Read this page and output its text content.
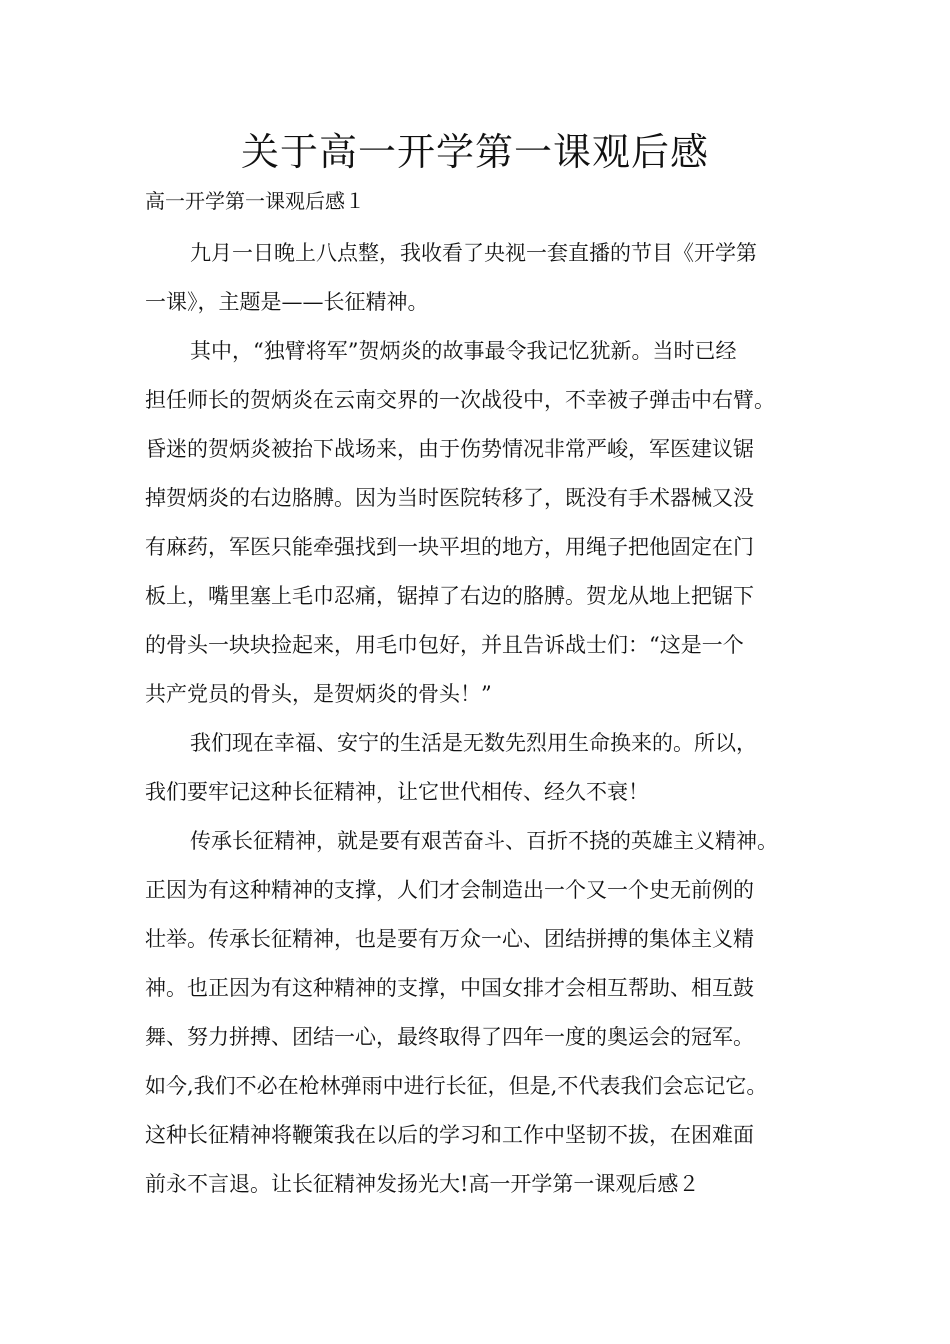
关于高一开学第一课观后感

高一开学第一课观后感１

九月一日晚上八点整，我收看了央视一套直播的节目《开学第
一课》，主题是——长征精神。

其中，“独臂将军”贺炳炎的故事最令我记忆犹新。当时已经
担任师长的贺炳炎在云南交界的一次战役中，不幸被子弹击中右臂。
昏迷的贺炳炎被抬下战场来，由于伤势情况非常严峻，军医建议锯
掉贺炳炎的右边胳膊。因为当时医院转移了，既没有手术器械又没
有麻药，军医只能牵强找到一块平坦的地方，用绳子把他固定在门
板上，嘴里塞上毛巾忍痛，锯掉了右边的胳膊。贺龙从地上把锯下
的骨头一块块捡起来，用毛巾包好，并且告诉战士们：“这是一个
共产党员的骨头，是贺炳炎的骨头！”

我们现在幸福、安宁的生活是无数先烈用生命换来的。所以，
我们要牢记这种长征精神，让它世代相传、经久不衰！

传承长征精神，就是要有艰苦奋斗、百折不挠的英雄主义精神。
正因为有这种精神的支撑，人们才会制造出一个又一个史无前例的
壮举。传承长征精神，也是要有万众一心、团结拼搏的集体主义精
神。也正因为有这种精神的支撑，中国女排才会相互帮助、相互鼓
舞、努力拼搏、团结一心，最终取得了四年一度的奥运会的冠军。
如今,我们不必在枪林弹雨中进行长征，但是,不代表我们会忘记它。
这种长征精神将鞭策我在以后的学习和工作中坚韧不拔，在困难面
前永不言退。让长征精神发扬光大!高一开学第一课观后感２
